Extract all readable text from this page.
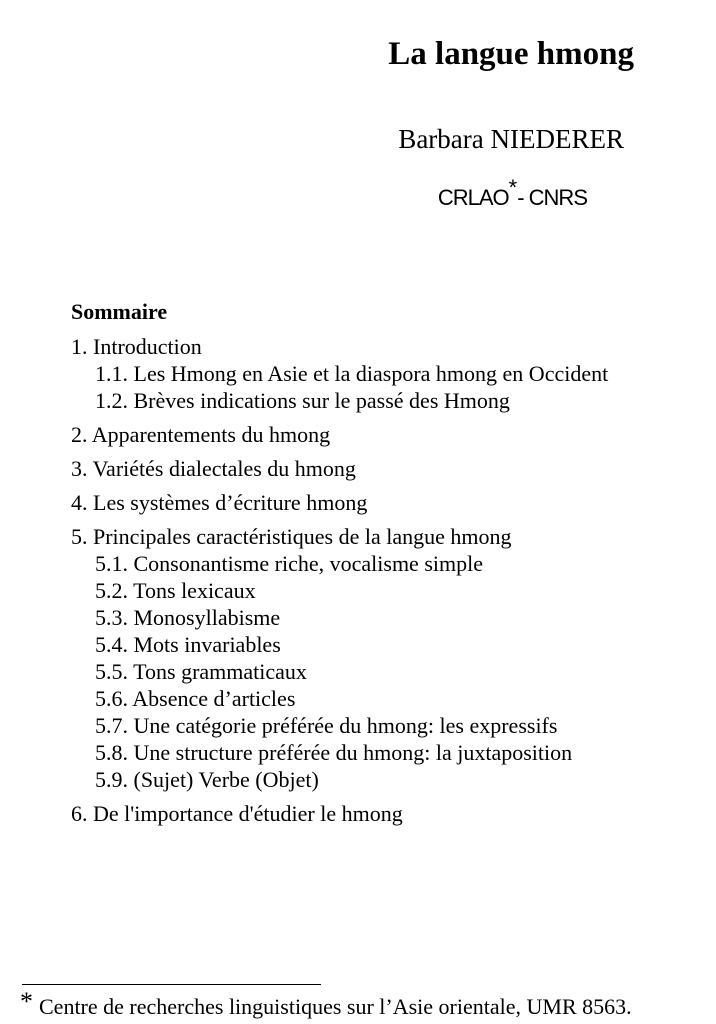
La langue hmong
Barbara NIEDERER
CRLAO*- CNRS
Sommaire
1. Introduction
1.1. Les Hmong en Asie et la diaspora hmong en Occident
1.2. Brèves indications sur le passé des Hmong
2. Apparentements du hmong
3. Variétés dialectales du hmong
4. Les systèmes d’écriture hmong
5. Principales caractéristiques de la langue hmong
5.1. Consonantisme riche, vocalisme simple
5.2. Tons lexicaux
5.3. Monosyllabisme
5.4. Mots invariables
5.5. Tons grammaticaux
5.6. Absence d’articles
5.7. Une catégorie préférée du hmong: les expressifs
5.8. Une structure préférée du hmong: la juxtaposition
5.9. (Sujet) Verbe (Objet)
6. De l'importance d'étudier le hmong
* Centre de recherches linguistiques sur l’Asie orientale, UMR 8563.
